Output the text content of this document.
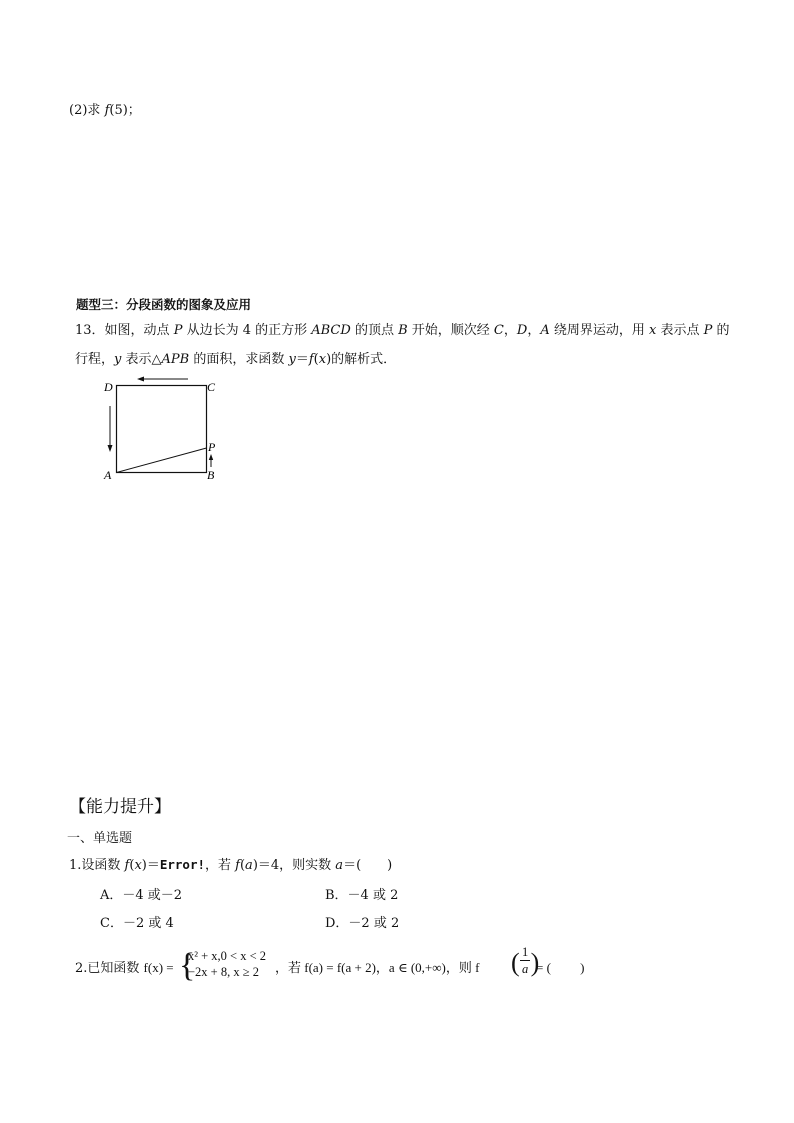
(2)求 f(5)；
题型三：分段函数的图象及应用
13．如图，动点 P 从边长为 4 的正方形 ABCD 的顶点 B 开始，顺次经 C，D，A 绕周界运动，用 x 表示点 P 的
行程，y 表示△APB 的面积，求函数 y＝f(x)的解析式．
D	C
A	B
P
【能力提升】
一、单选题
1.设函数 f(x)＝Error!，若 f(a)＝4，则实数 a＝(　　)
A．－4 或－2	B．－4 或 2
C．－2 或 4	D．－2 或 2
2.已知函数 f(x) = {
x² + x,0 < x < 2
−2x + 8, x ≥ 2	，若 f(a) = f(a + 2)，a ∈ (0,+∞)，则 f ( 1
a )
= (　　 )
